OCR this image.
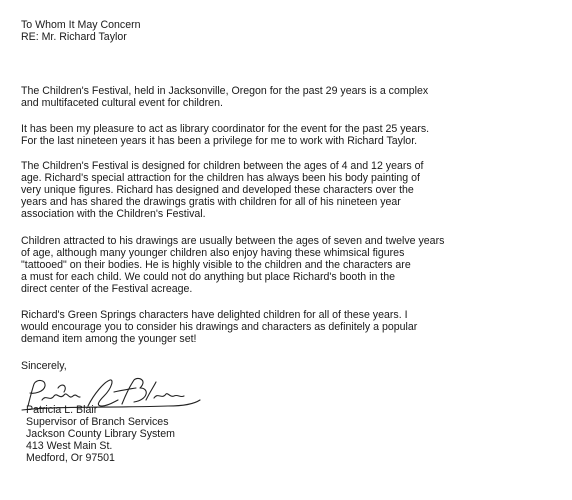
To Whom It May Concern

RE: Mr. Richard Taylor

The Children's Festival, held in Jacksonville, Oregon for the past 29 years is a complex

and multifaceted cultural event for children.

It has been my pleasure to act as library coordinator for the event for the past 25 years.

For the last nineteen years it has been a privilege for me to work with Richard Taylor.

The Children's Festival is designed for children between the ages of 4 and 12 years of

age. Richard's special attraction for the children has always been his body painting of

very unique figures. Richard has designed and developed these characters over the

years and has shared the drawings gratis with children for all of his nineteen year

association with the Children's Festival.

Children attracted to his drawings are usually between the ages of seven and twelve years

of age, although many younger children also enjoy having these whimsical figures

"tattooed" on their bodies. He is highly visible to the children and the characters are

a must for each child. We could not do anything but place Richard's booth in the

direct center of the Festival acreage.

Richard's Green Springs characters have delighted children for all of these years. I

would encourage you to consider his drawings and characters as definitely a popular

demand item among the younger set!

Sincerely,

Patricia L. Blair

Supervisor of Branch Services

Jackson County Library System

413 West Main St.

Medford, Or 97501
